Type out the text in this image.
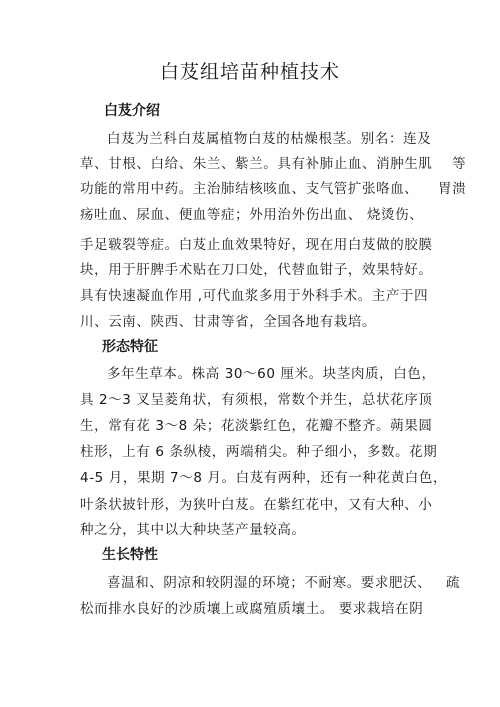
白芨组培苗种植技术
白芨介绍
白芨为兰科白芨属植物白芨的枯燥根茎。别名：连及
草、甘根、白给、朱兰、紫兰。具有补肺止血、消肿生肌    等
功能的常用中药。主治肺结核咳血、支气管扩张咯血、    胃溃
疡吐血、尿血、便血等症；外用治外伤出血、 烧烫伤、
手足皲裂等症。白芨止血效果特好，现在用白芨做的胶膜
块，用于肝脾手术贴在刀口处，代替血钳子，效果特好。
具有快速凝血作用 ,可代血浆多用于外科手术。主产于四
川、云南、陕西、甘肃等省，全国各地有栽培。
形态特征
多年生草本。株高 30～60 厘米。块茎肉质，白色，
具 2～3 叉呈菱角状，有须根，常数个并生，总状花序顶
生，常有花 3～8 朵；花淡紫红色，花瓣不整齐。蒴果圆
柱形，上有 6 条纵棱，两端稍尖。种子细小，多数。花期
4-5 月，果期 7～8 月。白芨有两种，还有一种花黄白色，
叶条状披针形，为狭叶白芨。在紫红花中，又有大种、小
种之分，其中以大种块茎产量较高。
生长特性
喜温和、阴凉和较阴湿的环境；不耐寒。要求肥沃、   疏
松而排水良好的沙质壤上或腐殖质壤土。 要求栽培在阴
